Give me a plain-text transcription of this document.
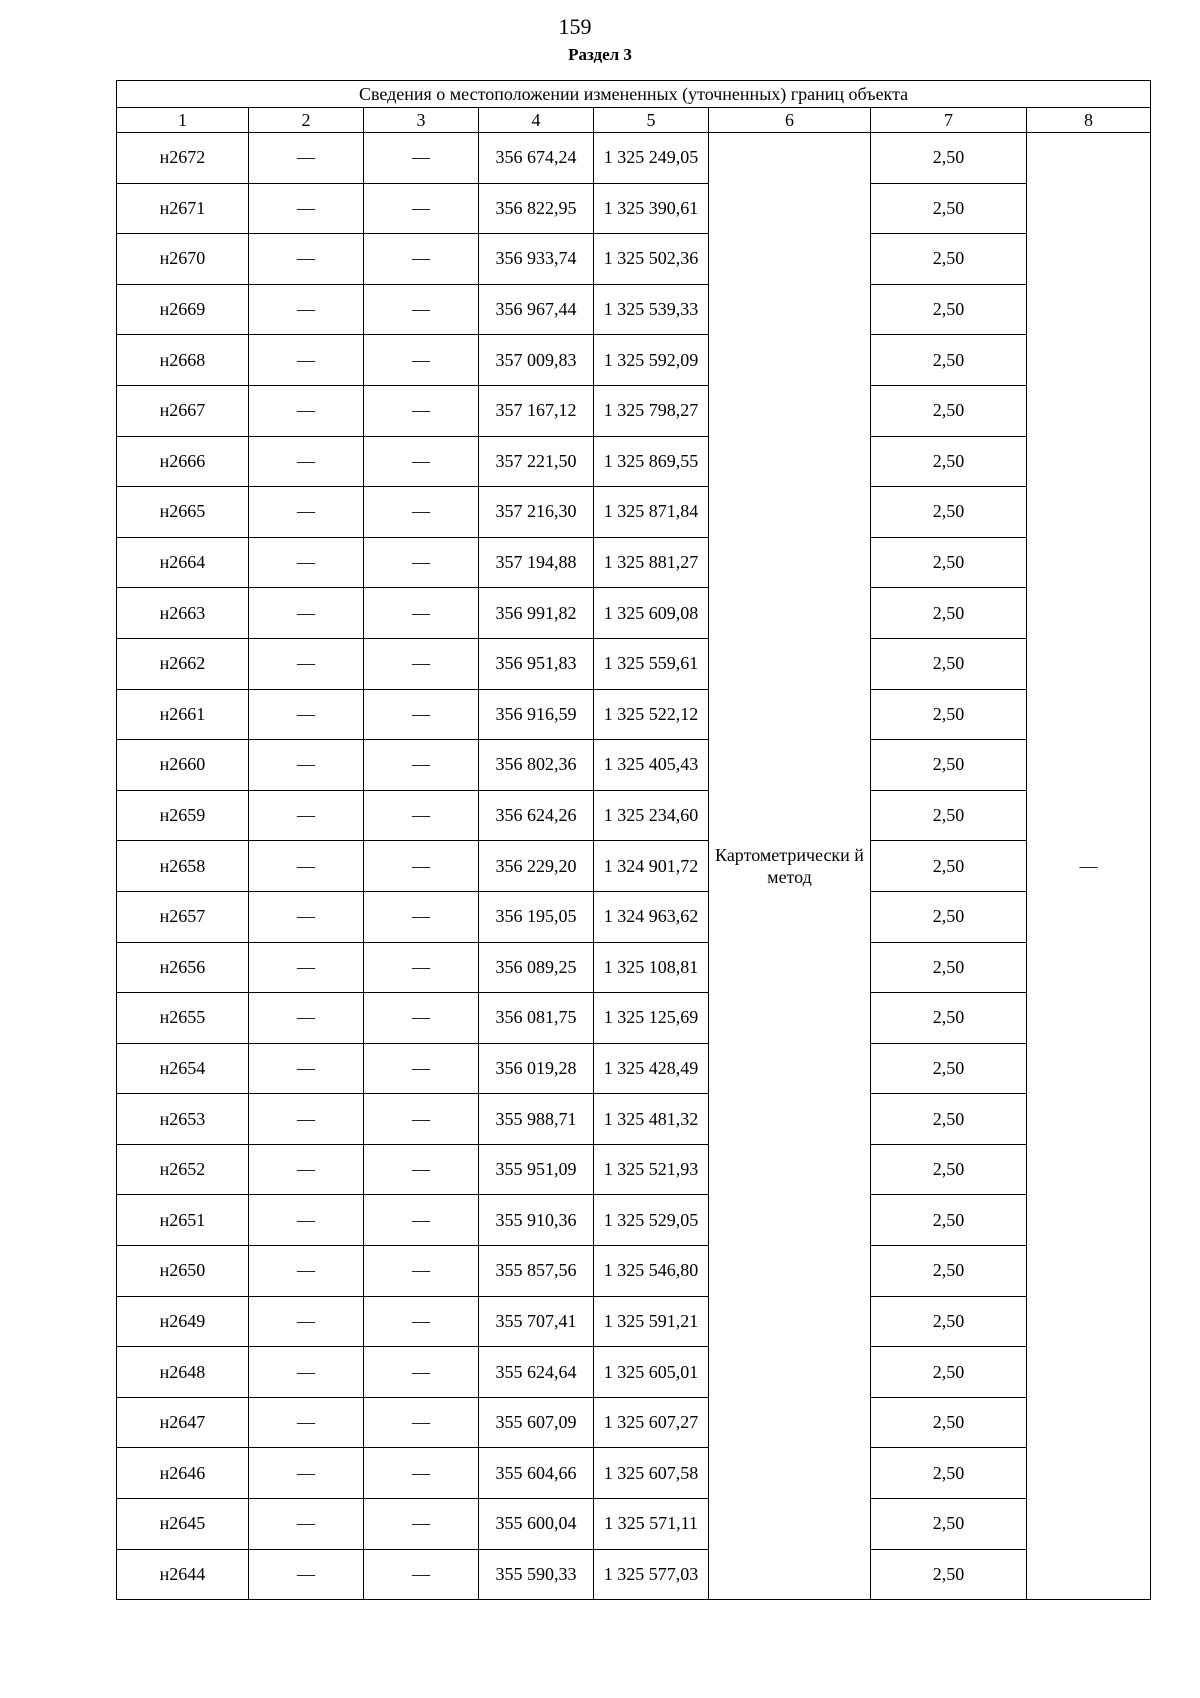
159
Раздел 3
Сведения о местоположении измененных (уточненных) границ объекта							
1	2	3	4	5	6	7	8
н2672	—	—	356 674,24	1 325 249,05	Картометрически й метод	2,50	—
н2671	—	—	356 822,95	1 325 390,61		2,50	
н2670	—	—	356 933,74	1 325 502,36		2,50	
н2669	—	—	356 967,44	1 325 539,33		2,50	
н2668	—	—	357 009,83	1 325 592,09		2,50	
н2667	—	—	357 167,12	1 325 798,27		2,50	
н2666	—	—	357 221,50	1 325 869,55		2,50	
н2665	—	—	357 216,30	1 325 871,84		2,50	
н2664	—	—	357 194,88	1 325 881,27		2,50	
н2663	—	—	356 991,82	1 325 609,08		2,50	
н2662	—	—	356 951,83	1 325 559,61		2,50	
н2661	—	—	356 916,59	1 325 522,12		2,50	
н2660	—	—	356 802,36	1 325 405,43		2,50	
н2659	—	—	356 624,26	1 325 234,60		2,50	
н2658	—	—	356 229,20	1 324 901,72		2,50	
н2657	—	—	356 195,05	1 324 963,62		2,50	
н2656	—	—	356 089,25	1 325 108,81		2,50	
н2655	—	—	356 081,75	1 325 125,69		2,50	
н2654	—	—	356 019,28	1 325 428,49		2,50	
н2653	—	—	355 988,71	1 325 481,32		2,50	
н2652	—	—	355 951,09	1 325 521,93		2,50	
н2651	—	—	355 910,36	1 325 529,05		2,50	
н2650	—	—	355 857,56	1 325 546,80		2,50	
н2649	—	—	355 707,41	1 325 591,21		2,50	
н2648	—	—	355 624,64	1 325 605,01		2,50	
н2647	—	—	355 607,09	1 325 607,27		2,50	
н2646	—	—	355 604,66	1 325 607,58		2,50	
н2645	—	—	355 600,04	1 325 571,11		2,50	
н2644	—	—	355 590,33	1 325 577,03		2,50	
